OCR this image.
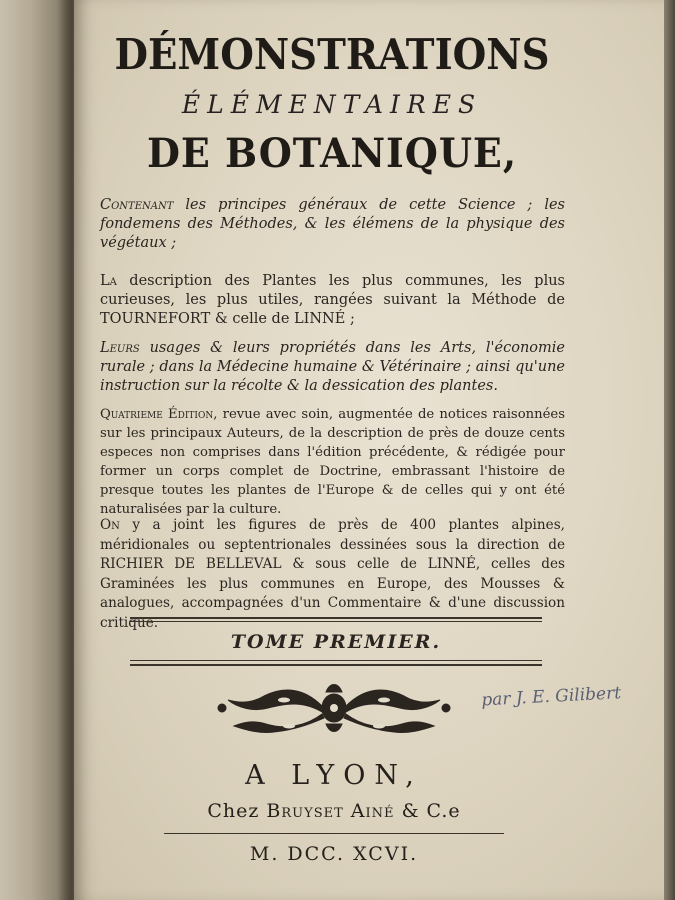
DÉMONSTRATIONS
ÉLÉMENTAIRES
DE BOTANIQUE,
Contenant les principes généraux de cette Science ; les fondemens des Méthodes, & les élémens de la physique des végétaux ;
La description des Plantes les plus communes, les plus curieuses, les plus utiles, rangées suivant la Méthode de TOURNEFORT & celle de LINNÉ ;
Leurs usages & leurs propriétés dans les Arts, l'économie rurale ; dans la Médecine humaine & Vétérinaire ; ainsi qu'une instruction sur la récolte & la dessication des plantes.
Quatrieme Édition, revue avec soin, augmentée de notices raisonnées sur les principaux Auteurs, de la description de près de douze cents especes non comprises dans l'édition précédente, & rédigée pour former un corps complet de Doctrine, embrassant l'histoire de presque toutes les plantes de l'Europe & de celles qui y ont été naturalisées par la culture.
On y a joint les figures de près de 400 plantes alpines, méridionales ou septentrionales dessinées sous la direction de RICHIER DE BELLEVAL & sous celle de LINNÉ, celles des Graminées les plus communes en Europe, des Mousses & analogues, accompagnées d'un Commentaire & d'une discussion critique.
TOME PREMIER.
par J. E. Gilibert
A LYON,
Chez Bruyset Ainé & C.e
M. DCC. XCVI.
